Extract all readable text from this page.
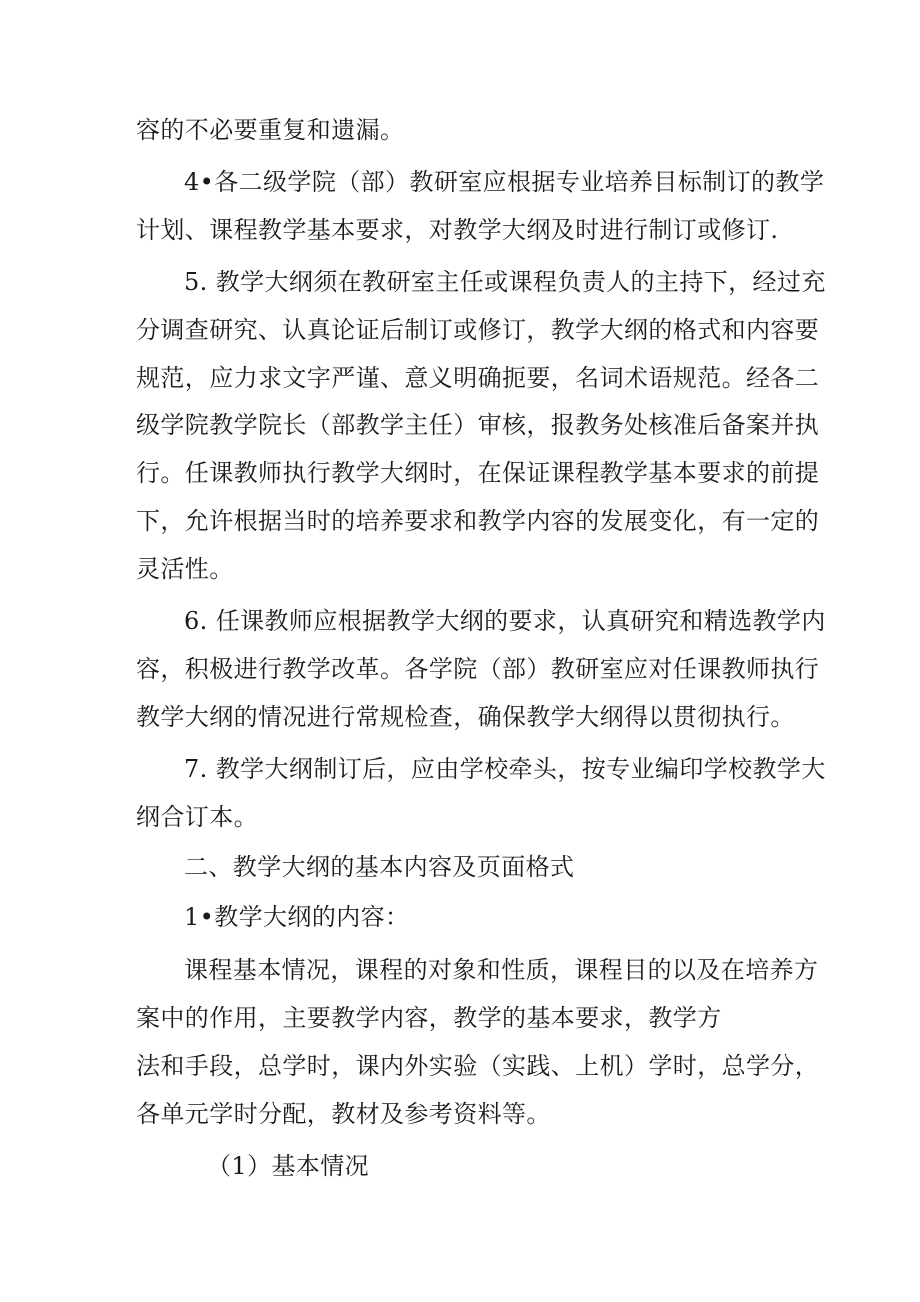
容的不必要重复和遗漏。
4•各二级学院（部）教研室应根据专业培养目标制订的教学
计划、课程教学基本要求，对教学大纲及时进行制订或修订.
5. 教学大纲须在教研室主任或课程负责人的主持下，经过充
分调查研究、认真论证后制订或修订，教学大纲的格式和内容要
规范，应力求文字严谨、意义明确扼要，名词术语规范。经各二
级学院教学院长（部教学主任）审核，报教务处核准后备案并执
行。任课教师执行教学大纲时，在保证课程教学基本要求的前提
下，允许根据当时的培养要求和教学内容的发展变化，有一定的
灵活性。
6. 任课教师应根据教学大纲的要求，认真研究和精选教学内
容，积极进行教学改革。各学院（部）教研室应对任课教师执行
教学大纲的情况进行常规检查，确保教学大纲得以贯彻执行。
7. 教学大纲制订后，应由学校牵头，按专业编印学校教学大
纲合订本。
二、教学大纲的基本内容及页面格式
1•教学大纲的内容：
课程基本情况，课程的对象和性质，课程目的以及在培养方
案中的作用，主要教学内容，教学的基本要求，教学方
法和手段，总学时，课内外实验（实践、上机）学时，总学分，
各单元学时分配，教材及参考资料等。
（1）基本情况
